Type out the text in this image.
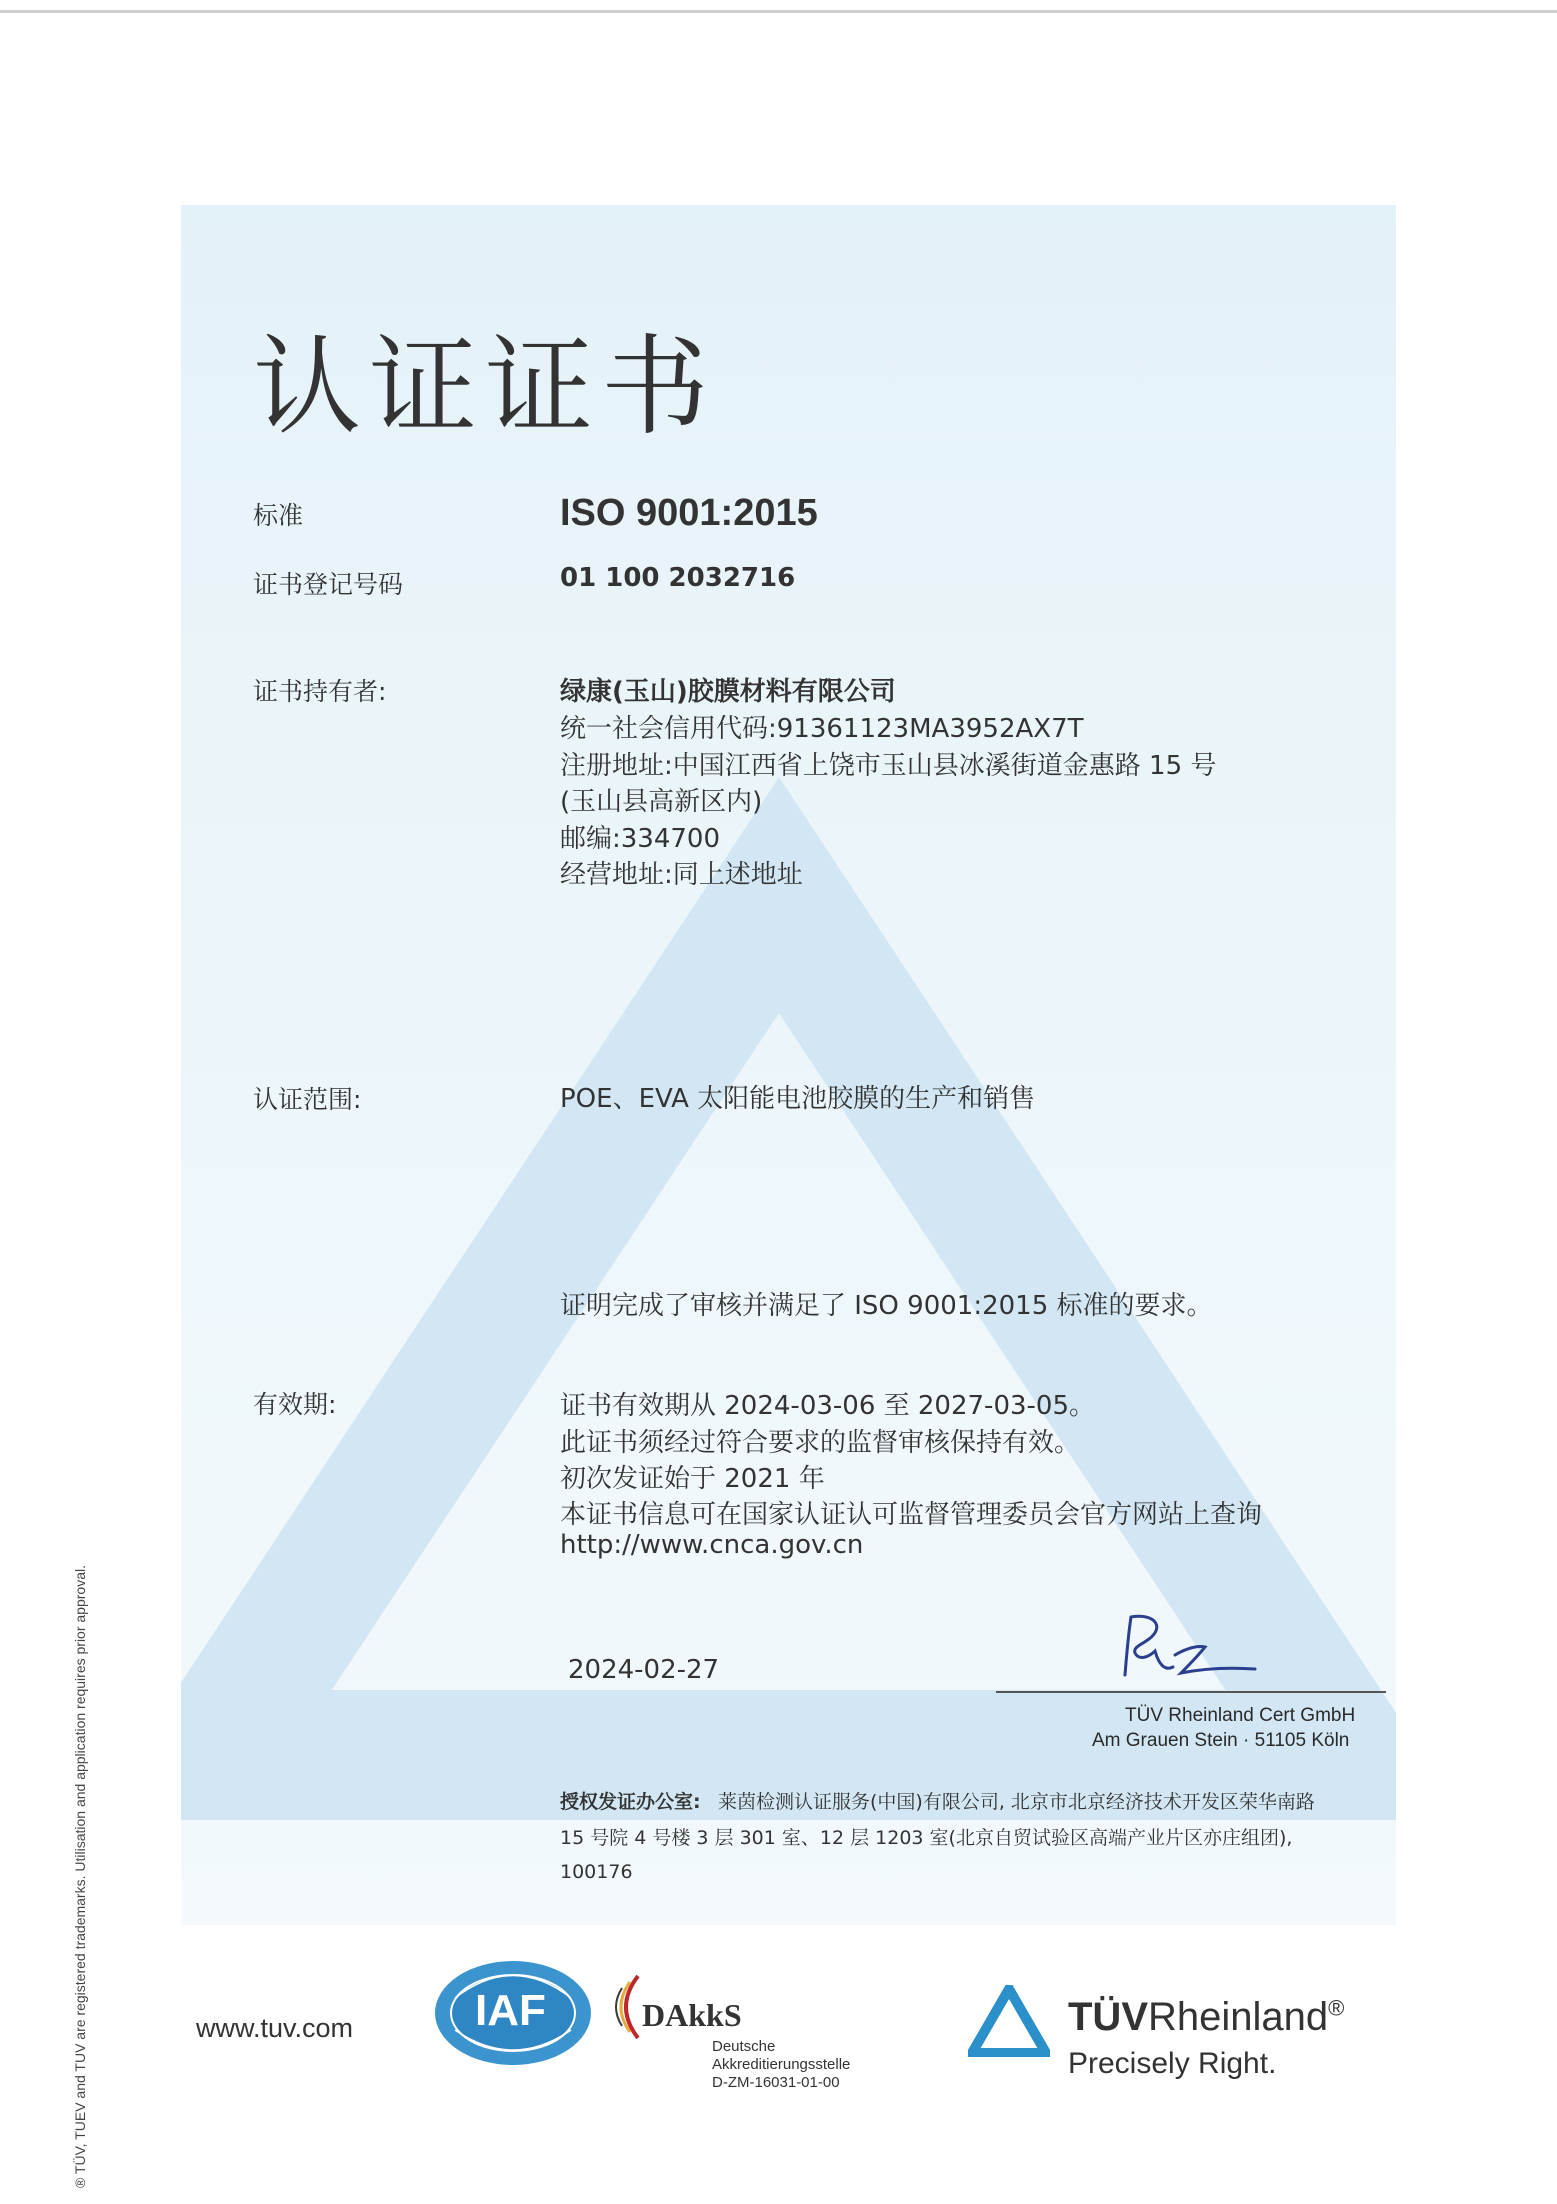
认证证书
标准	ISO 9001:2015
证书登记号码	01 100 2032716
证书持有者:	绿康(玉山)胶膜材料有限公司
统一社会信用代码:91361123MA3952AX7T
注册地址:中国江西省上饶市玉山县冰溪街道金惠路 15 号
(玉山县高新区内)
邮编:334700
经营地址:同上述地址
认证范围:	POE、EVA 太阳能电池胶膜的生产和销售
证明完成了审核并满足了 ISO 9001:2015 标准的要求。
有效期:	证书有效期从 2024-03-06 至 2027-03-05。
此证书须经过符合要求的监督审核保持有效。
初次发证始于 2021 年
本证书信息可在国家认证认可监督管理委员会官方网站上查询
http://www.cnca.gov.cn
2024-02-27
TÜV Rheinland Cert GmbH
Am Grauen Stein · 51105 Köln
授权发证办公室: 莱茵检测认证服务(中国)有限公司, 北京市北京经济技术开发区荣华南路
15 号院 4 号楼 3 层 301 室、12 层 1203 室(北京自贸试验区高端产业片区亦庄组团),
100176
® TÜV, TUEV and TUV are registered trademarks. Utilisation and application requires prior approval.	www.tuv.com	IAF	DAkkS
Deutsche
Akkreditierungsstelle
D-ZM-16031-01-00
TÜVRheinland®
Precisely Right.
